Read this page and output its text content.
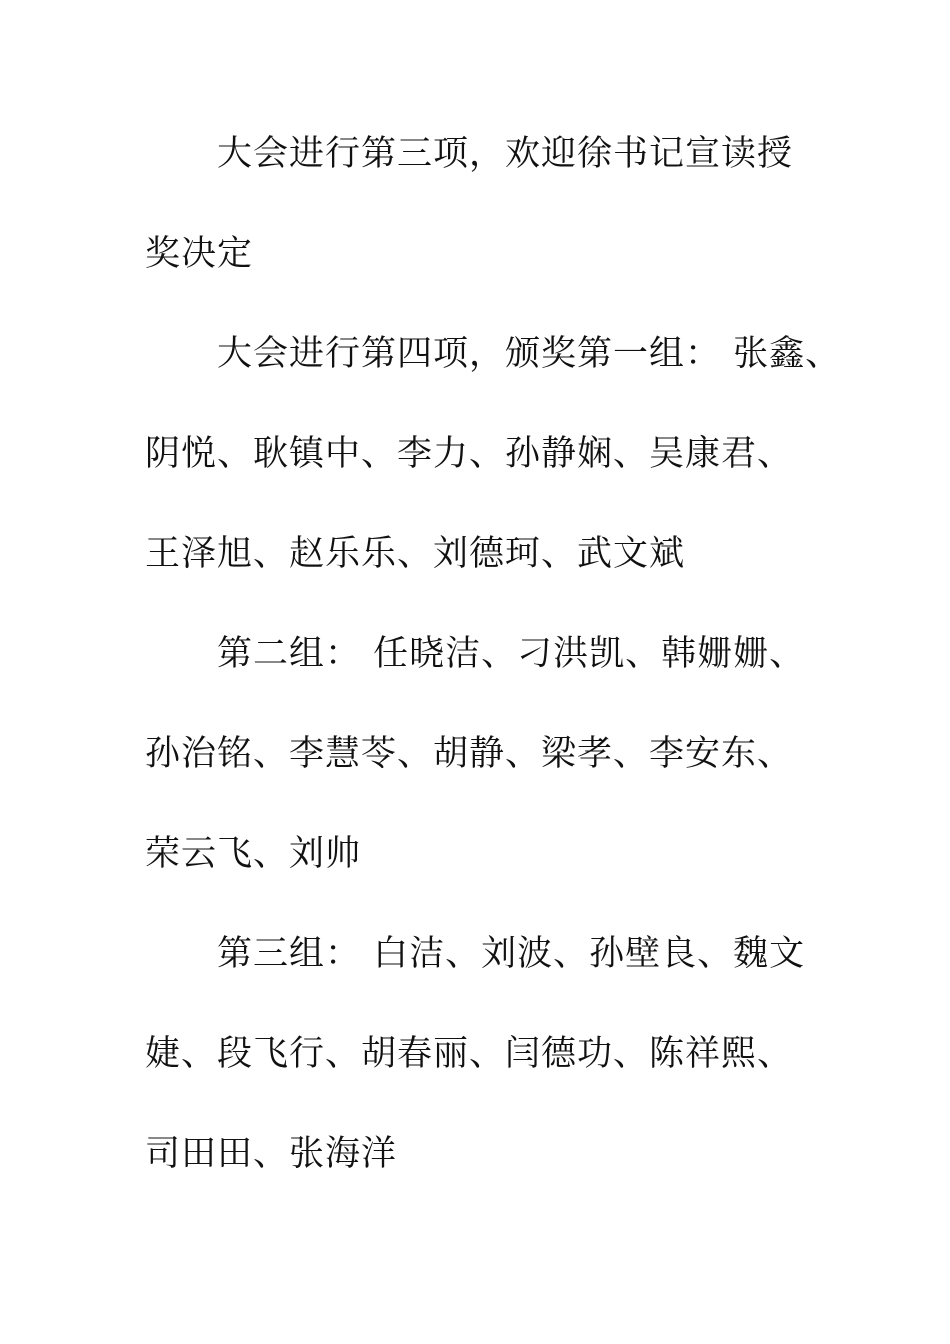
大会进行第三项，欢迎徐书记宣读授
奖决定
大会进行第四项，颁奖第一组： 张鑫、
阴悦、耿镇中、李力、孙静娴、吴康君、
王泽旭、赵乐乐、刘德珂、武文斌
第二组： 任晓洁、刁洪凯、韩姗姗、
孙治铭、李慧苓、胡静、梁孝、李安东、
荣云飞、刘帅
第三组： 白洁、刘波、孙壁良、魏文
婕、段飞行、胡春丽、闫德功、陈祥熙、
司田田、张海洋
